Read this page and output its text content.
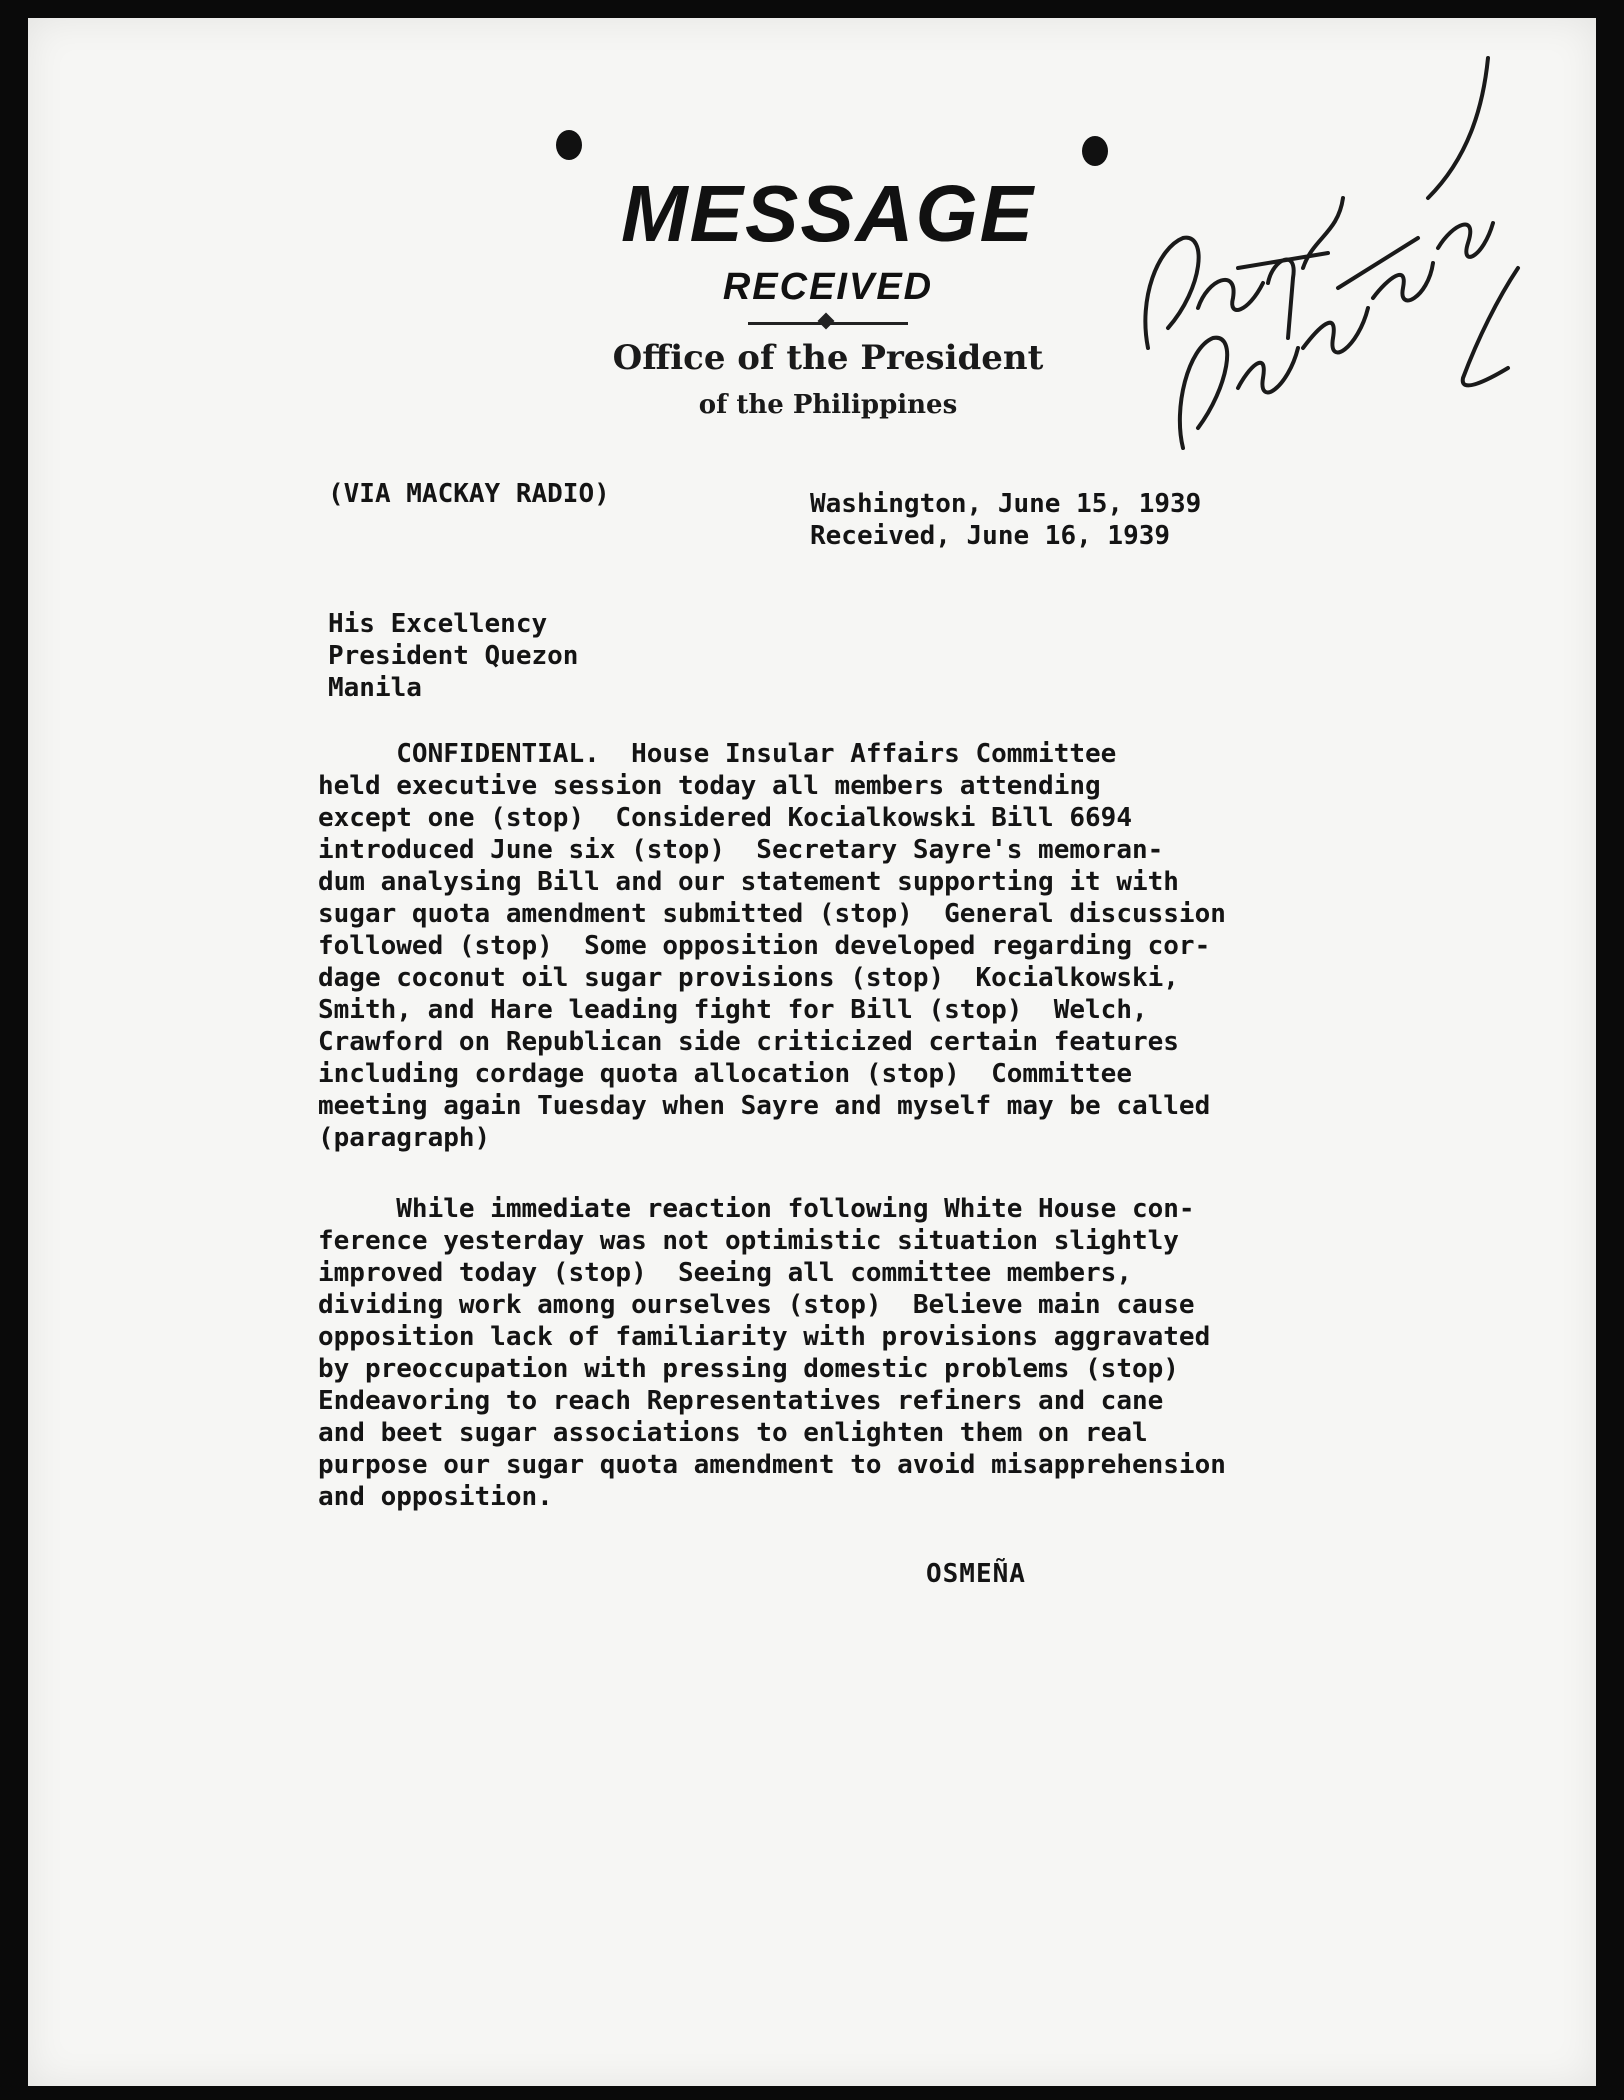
MESSAGE
RECEIVED
Office of the President
of the Philippines
(VIA MACKAY RADIO)	Washington, June 15, 1939
Received, June 16, 1939
His Excellency
President Quezon
Manila
CONFIDENTIAL.  House Insular Affairs Committee
held executive session today all members attending
except one (stop)  Considered Kocialkowski Bill 6694
introduced June six (stop)  Secretary Sayre's memoran-
dum analysing Bill and our statement supporting it with
sugar quota amendment submitted (stop)  General discussion
followed (stop)  Some opposition developed regarding cor-
dage coconut oil sugar provisions (stop)  Kocialkowski,
Smith, and Hare leading fight for Bill (stop)  Welch,
Crawford on Republican side criticized certain features
including cordage quota allocation (stop)  Committee
meeting again Tuesday when Sayre and myself may be called
(paragraph)
While immediate reaction following White House con-
ference yesterday was not optimistic situation slightly
improved today (stop)  Seeing all committee members,
dividing work among ourselves (stop)  Believe main cause
opposition lack of familiarity with provisions aggravated
by preoccupation with pressing domestic problems (stop)
Endeavoring to reach Representatives refiners and cane
and beet sugar associations to enlighten them on real
purpose our sugar quota amendment to avoid misapprehension
and opposition.
OSMEÑA
